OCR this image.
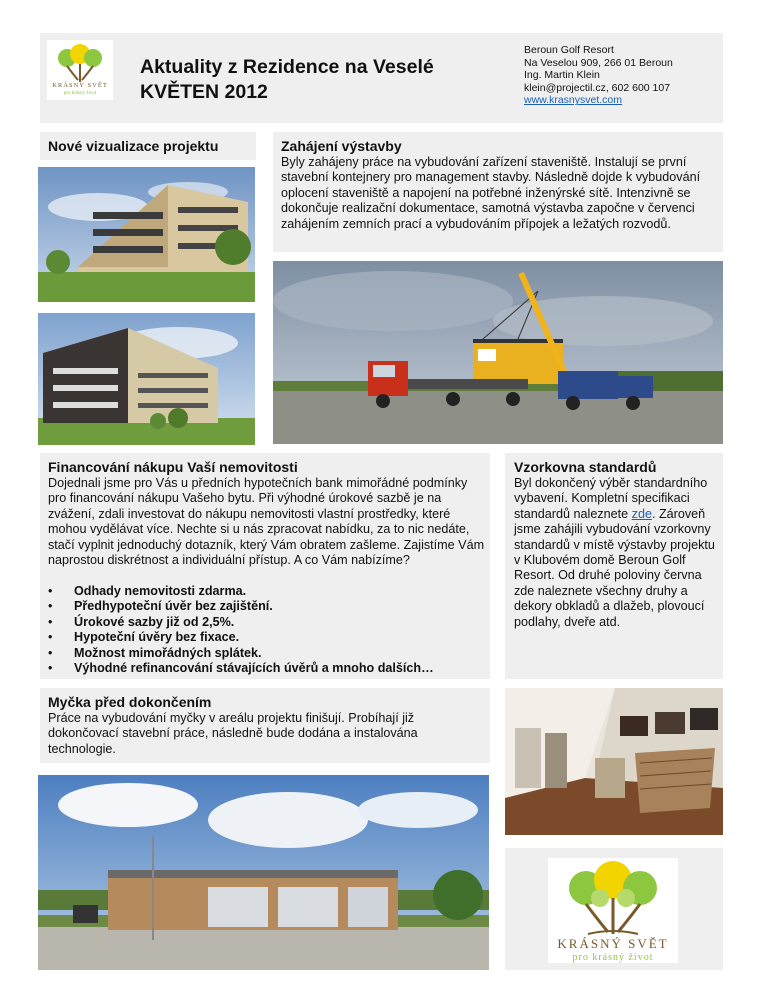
KRÁSNÝ SVĚT
pro krásný život
Aktuality z Rezidence na Veselé
KVĚTEN 2012
Beroun Golf Resort
Na Veselou 909, 266 01 Beroun
Ing. Martin Klein
klein@projectil.cz, 602 600 107
www.krasnysvet.com
Nové vizualizace projektu	Zahájení výstavby

Byly zahájeny práce na vybudování zařízení staveniště. Instalují se první stavební kontejnery pro management stavby. Následně dojde k vybudování oplocení staveniště a napojení na potřebné inženýrské sítě. Intenzivně se dokončuje realizační dokumentace, samotná výstavba započne v červenci zahájením zemních prací a vybudováním přípojek a ležatých rozvodů.

Financování nákupu Vaší nemovitosti

Dojednali jsme pro Vás u předních hypotečních bank mimořádné podmínky pro financování nákupu Vašeho bytu. Při výhodné úrokové sazbě je na zvážení, zdali investovat do nákupu nemovitosti vlastní prostředky, které mohou vydělávat více. Nechte si u nás zpracovat nabídku, za to nic nedáte, stačí vyplnit jednoduchý dotazník, který Vám obratem zašleme. Zajistíme Vám naprostou diskrétnost a individuální přístup. A co Vám nabízíme?

• Odhady nemovitosti zdarma.
• Předhypoteční úvěr bez zajištění.
• Úrokové sazby již od 2,5%.
• Hypoteční úvěry bez fixace.
• Možnost mimořádných splátek.
• Výhodné refinancování stávajících úvěrů a mnoho dalších…
Vzorkovna standardů

Byl dokončený výběr standardního vybavení. Kompletní specifikaci standardů naleznete zde. Zároveň jsme zahájili vybudování vzorkovny standardů v místě výstavby projektu v Klubovém domě Beroun Golf Resort. Od druhé poloviny června zde naleznete všechny druhy a dekory obkladů a dlažeb, plovoucí podlahy, dveře atd.

Myčka před dokončením

Práce na vybudování myčky v areálu projektu finišují. Probíhají již dokončovací stavební práce, následně bude dodána a instalována technologie.

KRÁSNÝ SVĚT
pro krásný život
